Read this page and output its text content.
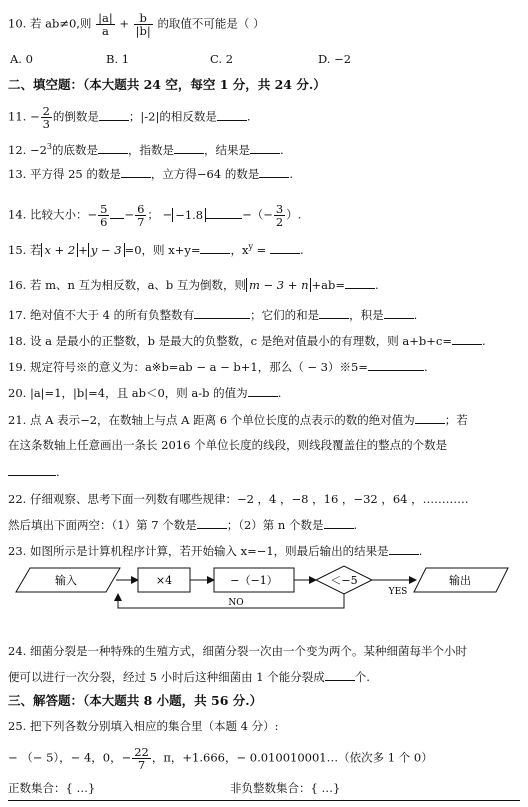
10. 若 ab≠0,则 $\frac{|a|}{a} + \frac{b}{|b|}$ 的取值不可能是（ ）
A. 0	B. 1	C. 2	D. −2
二、填空题：（本大题共 24 空，每空 1 分，共 24 分.）
11. − $\frac{2}{3}$ 的倒数是	；|-2|的相反数是	.
12. $-2^3$的底数是	，指数是	，结果是	.
13. 平方得 25 的数是	，立方得−64 的数是	.
14. 比较大小：− $\frac{5}{6} - \frac{6}{7}$ ； − −1.8	−（− $\frac{3}{2}$ ）.
15. 若 x + 2 + y − 3 =0，则 x+y=	，$x^y$ =	.
16. 若 m、n 互为相反数，a、b 互为倒数，则 m − 3 + n +ab=	.
17. 绝对值不大于 4 的所有负整数有	；它们的和是	，积是	.
18. 设 a 是最小的正整数，b 是最大的负整数，c 是绝对值最小的有理数，则 a+b+c=	.
19. 规定符号※的意义为：a※b=ab − a − b+1，那么（ − 3）※5=	.
20. |a|=1，|b|=4，且 ab＜0，则 a-b 的值为	.
21. 点 A 表示−2，在数轴上与点 A 距离 6 个单位长度的点表示的数的绝对值为	；若
在这条数轴上任意画出一条长 2016 个单位长度的线段，则线段覆盖住的整点的个数是
.
22. 仔细观察、思考下面一列数有哪些规律：−2 ，4 ，−8 ，16 ，−32 ，64 ，…………
然后填出下面两空：（1）第 7 个数是	；（2）第 n 个数是	.
23. 如图所示是计算机程序计算，若开始输入 x=−1，则最后输出的结果是	.
输入	×4	−（−1）	＜−5
YES
NO
输出
24. 细菌分裂是一种特殊的生殖方式，细菌分裂一次由一个变为两个。某种细菌每半个小时
便可以进行一次分裂，经过 5 小时后这种细菌由 1 个能分裂成	个.
三、解答题：（本大题共 8 小题，共 56 分.）
25. 把下列各数分别填入相应的集合里（本题 4 分）:
− （− 5），− 4，0，− $\frac{22}{7}$ ，π，+1.666，− 0.010010001…（依次多 1 个 0）
正数集合：{ …}	非负整数集合：{ …}
